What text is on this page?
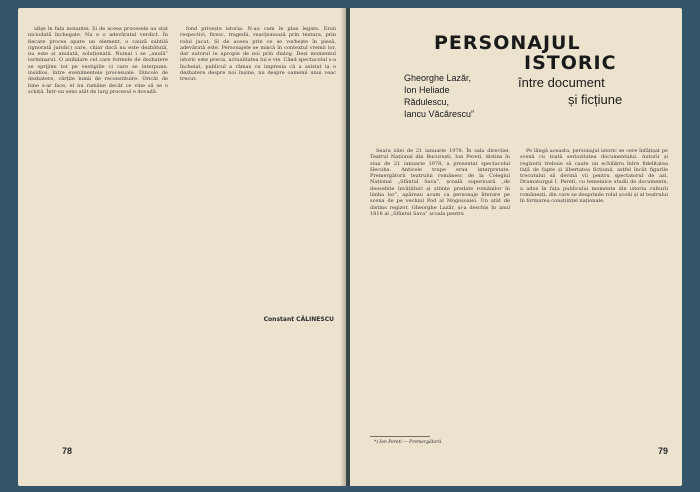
afişe în fața instanței. Și de aceea procesele au stat niciodată închegate. Nu e o adevăratul verdict. În fiecare proces apare un element, o cauză subtilă (ignorată juridic) care, chiar dacă nu este dezbătută, nu este și anulată, soluționată. Numai i se „anulă” terminarul. O anihilare cel care formele de dezbatere se sprijine tot pe vestigiile ci care se interpune, insidios, între evenimentele procesuale. Dincolo de dezbatere, cărțile lumii de reconstituire. Oricât de bine s-ar face, el nu ramâne decât ce vine să se o schiță. Într-un sens atât de larg procesul e dovadă.

fond privește istoria. N-au cum în plan legate. Eroii respectivi, firesc, tragedii, reacționează prin textura, prin rolul jucat. Și de aceea prin ce se vorbește în piesă, adevărată este. Personajele se mișcă în contextul vremii lor, dar autorul le apropie de noi prin dialog. Deși momentul istoric este precis, actualitatea lui e vie. Când spectacolul s-a încheiat, publicul a rămas cu impresia că a asistat la o dezbatere despre noi înșine, nu despre oamenii unui veac trecut.

Constant CĂLINESCU
78
PERSONAJUL
ISTORIC
între document
și ficțiune
Gheorghe Lazăr,
Ion Heliade
Rădulescu,
Iancu Văcărescu”

Seara zilei de 21 ianuarie 1978. În sala direcției, Teatrul Național din București, Ion Pereti, distins în ziua de 21 ianuarie 1978, a prezentat spectacolul Hecuba. Anticele trupe erau interpretate. Premergătorii teatrului românesc de la Colegiul Național „Sfântul Sava”, școală superioară „de deosebite învățături și științe predate românilor în limba lor”, apăreau acum ca personaje literare pe scena de pe vechiul Pod al Mogoșoaiei. Un atât de distins regizor, Gheorghe Lazăr, și-a deschis în anul 1818 al „Sfântul Sava” școala pentru

Pe lângă aceasta, personajul istoric se cere înfățișat pe scenă cu toată seriozitatea documentului. Autorii și regizorii trebuie să caute un echilibru între fidelitatea față de fapte și libertatea ficțiunii, astfel încât figurile trecutului să devină vii pentru spectatorul de azi. Dramaturgul I. Pereti, cu temeinice studii de documente, a adus în fața publicului momente din istoria culturii românești, din care se desprinde rolul școlii și al teatrului în formarea conștiinței naționale.

*) Ion Pereti — Premergătorii.
79
